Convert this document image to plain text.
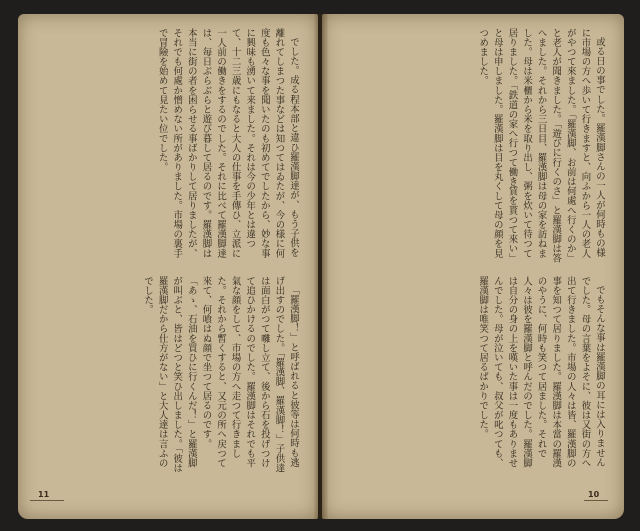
でした。成る程本部と違ひ羅漢脚達が、もう子供を離れてしまつた事などは知つてはゐたが、今の様に何度も色々な事を聞いたのも初めてでしたから、妙な事に興味も湧いて来ました。それは今の少年とは違つて、十二三歳にもなると大人の仕事を手傳ひ、立派に一人前の働きをするのでした。それに比べて羅漢脚達は、毎日ぶらぶらと遊び暮して居るのです。羅漢脚は本当に街の者を困らせる事ばかりして居りましたが、それでも何處か憎めない所がありました。市場の裏手で冒險を始めて見たい位でした。

「羅漢脚！」と呼ばれると彼等は何時も逃げ出すのでした。「羅漢脚、羅漢脚！」子供達は面白がつて囃し立て、後から石を投げつけて追ひかけるのでした。羅漢脚はそれでも平氣な顔をして、市場の方へ走つて行きました。それから暫くすると、又元の所へ戻つて來て、何喰はぬ顔で坐つて居るのです。「あゝ、石油を買ひに行くんだ！」と羅漢脚が叫ぶと、皆はどつと笑ひ出しました。「彼は羅漢脚だから仕方がない」と大人達は言ふのでした。

或る日の事でした。羅漢脚さんの一人が何時もの様に市場の方へ歩いて行きますと、向ふから一人の老人がやつて來ました。「羅漢脚、お前は何處へ行くのか」と老人が聞きました。「遊びに行くのさ」と羅漢脚は答へました。それから三日目、羅漢脚は母の家を訪ねました。母は米櫃から米を取り出し、粥を炊いて待つて居りました。「鉄道の家へ行つて働き賃を貰つて來い」と母は申しました。羅漢脚は目を丸くして母の顔を見つめました。

でもそんな事は羅漢脚の耳には入りませんでした。母の言葉をよそに、彼は又街の方へ出て行きました。市場の人々は皆、羅漢脚の事を知つて居りました。羅漢脚は本當の羅漢のやうに、何時も笑つて居ました。それで人々は彼を羅漢脚と呼んだのでした。羅漢脚は自分の身の上を嘆いた事は一度もありませんでした。母が泣いても、叔父が叱つても、羅漢脚は唯笑つて居るばかりでした。

11	10
